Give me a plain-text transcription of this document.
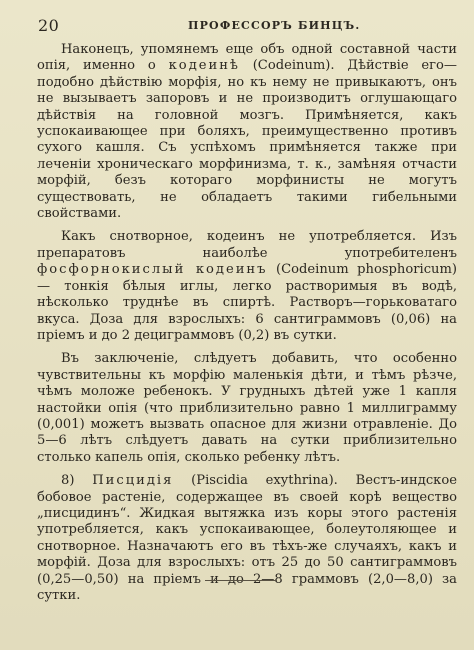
20	ПРОФЕССОРЪ БИНЦЪ.

Наконецъ, упомянемъ еще объ одной составной части опія, именно о кодеинѣ (Codeinum). Дѣйствіе его—подобно дѣйствію морфія, но къ нему не привыкаютъ, онъ не вызываетъ запоровъ и не производитъ оглушающаго дѣйствія на головной мозгъ. Примѣняется, какъ успокаивающее при боляхъ, преимущественно противъ сухого кашля. Съ успѣхомъ примѣняется также при леченіи хроническаго морфинизма, т. к., замѣняя отчасти морфій, безъ котораго морфинисты не могутъ существовать, не обладаетъ такими гибельными свойствами.

Какъ снотворное, кодеинъ не употребляется. Изъ препаратовъ наиболѣе употребителенъ фосфорнокислый кодеинъ (Codeinum phosphoricum) — тонкія бѣлыя иглы, легко растворимыя въ водѣ, нѣсколько труднѣе въ спиртѣ. Растворъ—горьковатаго вкуса. Доза для взрослыхъ: 6 сантиграммовъ (0,06) на пріемъ и до 2 дециграммовъ (0,2) въ сутки.

Въ заключеніе, слѣдуетъ добавить, что особенно чувствительны къ морфію маленькія дѣти, и тѣмъ рѣзче, чѣмъ моложе ребенокъ. У грудныхъ дѣтей уже 1 капля настойки опія (что приблизительно равно 1 миллиграмму (0,001) можетъ вызвать опасное для жизни отравленіе. До 5—6 лѣтъ слѣдуетъ давать на сутки приблизительно столько капель опія, сколько ребенку лѣтъ.

8) Писцидія (Piscidia exythrina). Вестъ-индское бобовое растеніе, содержащее въ своей корѣ вещество „писцидинъ“. Жидкая вытяжка изъ коры этого растенія употребляется, какъ успокаивающее, болеутоляющее и снотворное. Назначаютъ его въ тѣхъ-же случаяхъ, какъ и морфій. Доза для взрослыхъ: отъ 25 до 50 сантиграммовъ (0,25—0,50) на пріемъ и до 2—8 граммовъ (2,0—8,0) за сутки.
